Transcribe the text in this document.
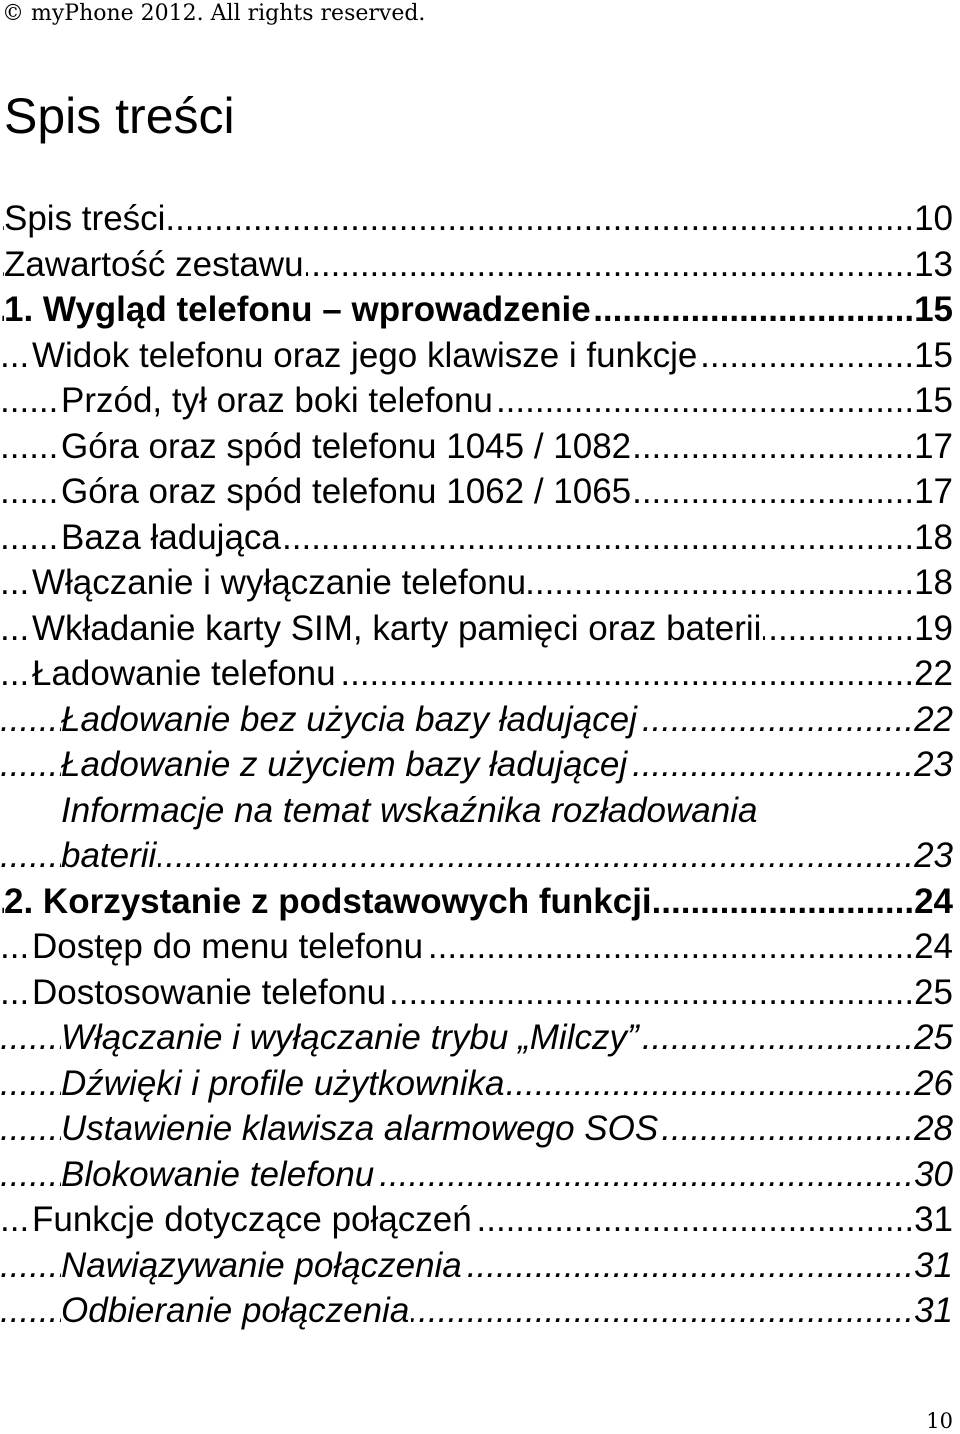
© myPhone 2012. All rights reserved.
Spis treści
Spis treści	10
Zawartość zestawu	13
1. Wygląd telefonu – wprowadzenie	15
Widok telefonu oraz jego klawisze i funkcje	15
Przód, tył oraz boki telefonu	15
Góra oraz spód telefonu 1045 / 1082	17
Góra oraz spód telefonu 1062 / 1065	17
Baza ładująca	18
Włączanie i wyłączanie telefonu	18
Wkładanie karty SIM, karty pamięci oraz baterii	19
Ładowanie telefonu	22
Ładowanie bez użycia bazy ładującej	22
Ładowanie z użyciem bazy ładującej	23
Informacje na temat wskaźnika rozładowania
baterii	23
2. Korzystanie z podstawowych funkcji	24
Dostęp do menu telefonu	24
Dostosowanie telefonu	25
Włączanie i wyłączanie trybu „Milczy”	25
Dźwięki i profile użytkownika	26
Ustawienie klawisza alarmowego SOS	28
Blokowanie telefonu	30
Funkcje dotyczące połączeń	31
Nawiązywanie połączenia	31
Odbieranie połączenia	31
10
